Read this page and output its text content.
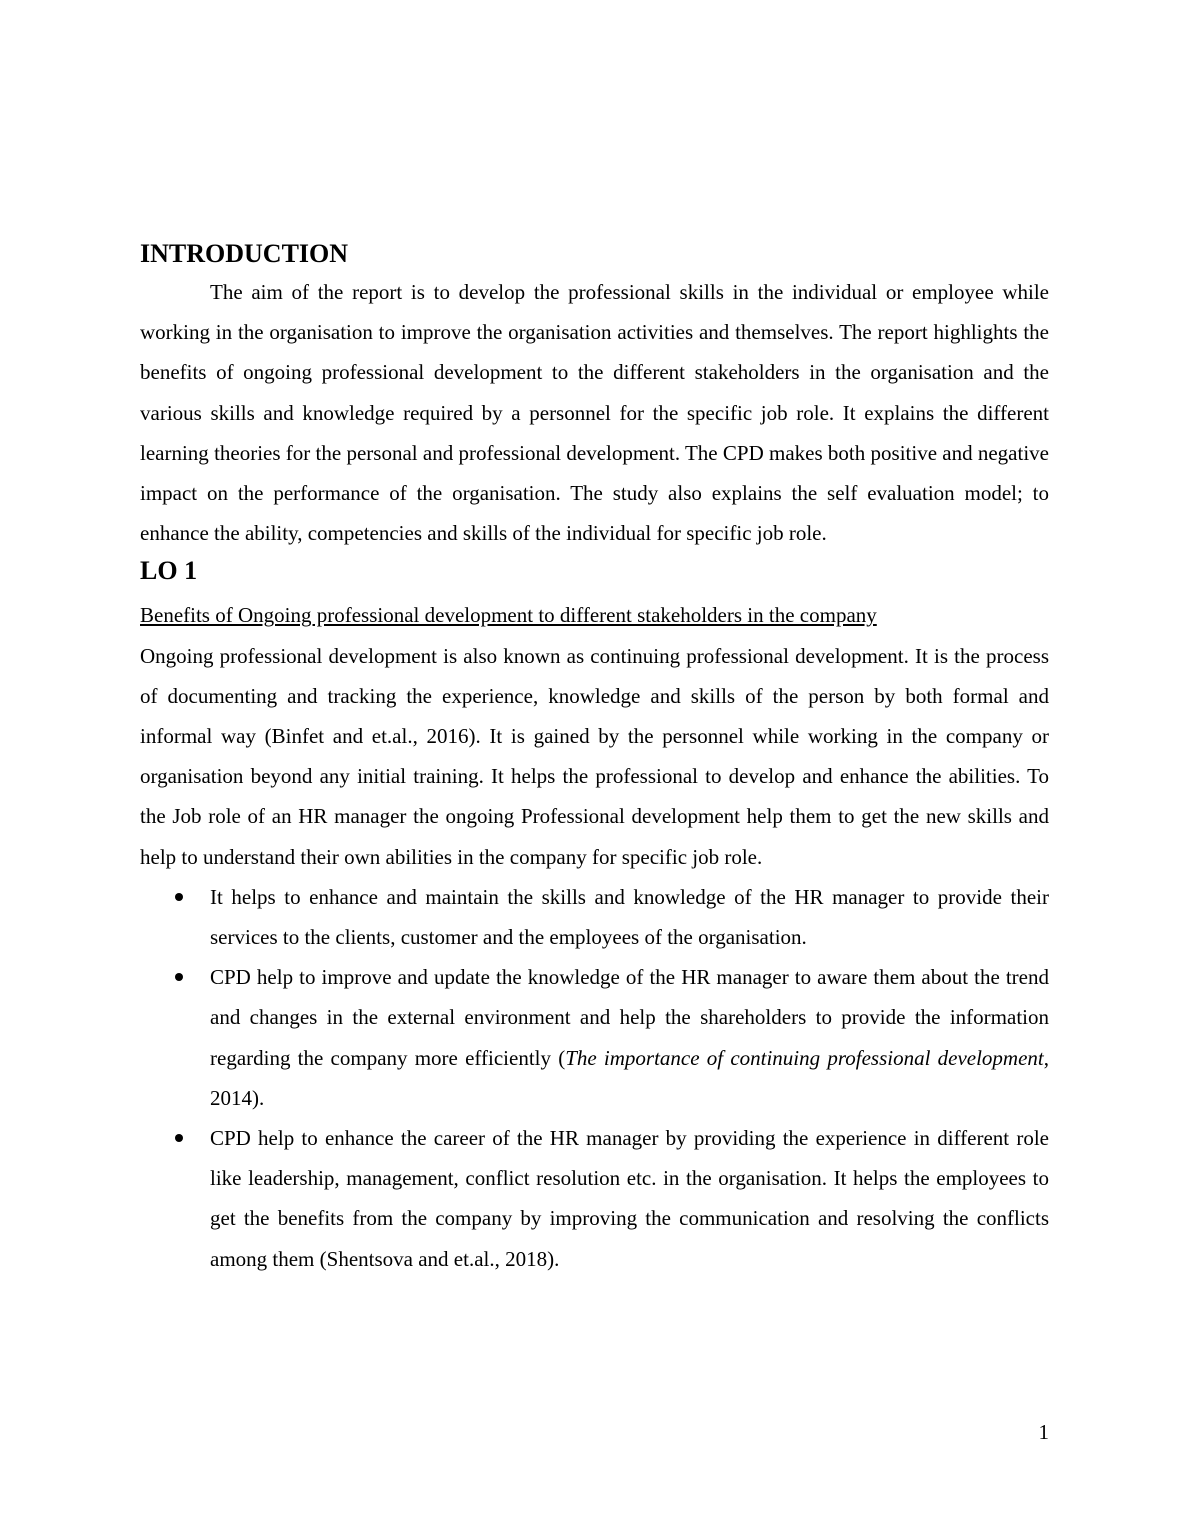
INTRODUCTION

The aim of the report is to develop the professional skills in the individual or employee while working in the organisation to improve the organisation activities and themselves. The report highlights the benefits of ongoing professional development to the different stakeholders in the organisation and the various skills and knowledge required by a personnel for the specific job role. It explains the different learning theories for the personal and professional development. The CPD makes both positive and negative impact on the performance of the organisation. The study also explains the self evaluation model; to enhance the ability, competencies and skills of the individual for specific job role.

LO 1

Benefits of Ongoing professional development to different stakeholders in the company

Ongoing professional development is also known as continuing professional development. It is the process of documenting and tracking the experience, knowledge and skills of the person by both formal and informal way (Binfet and et.al., 2016). It is gained by the personnel while working in the company or organisation beyond any initial training. It helps the professional to develop and enhance the abilities. To the Job role of an HR manager the ongoing Professional development help them to get the new skills and help to understand their own abilities in the company for specific job role.

It helps to enhance and maintain the skills and knowledge of the HR manager to provide their services to the clients, customer and the employees of the organisation.
CPD help to improve and update the knowledge of the HR manager to aware them about the trend and changes in the external environment and help the shareholders to provide the information regarding the company more efficiently (The importance of continuing professional development, 2014).
CPD help to enhance the career of the HR manager by providing the experience in different role like leadership, management, conflict resolution etc. in the organisation. It helps the employees to get the benefits from the company by improving the communication and resolving the conflicts among them (Shentsova and et.al., 2018).
1
